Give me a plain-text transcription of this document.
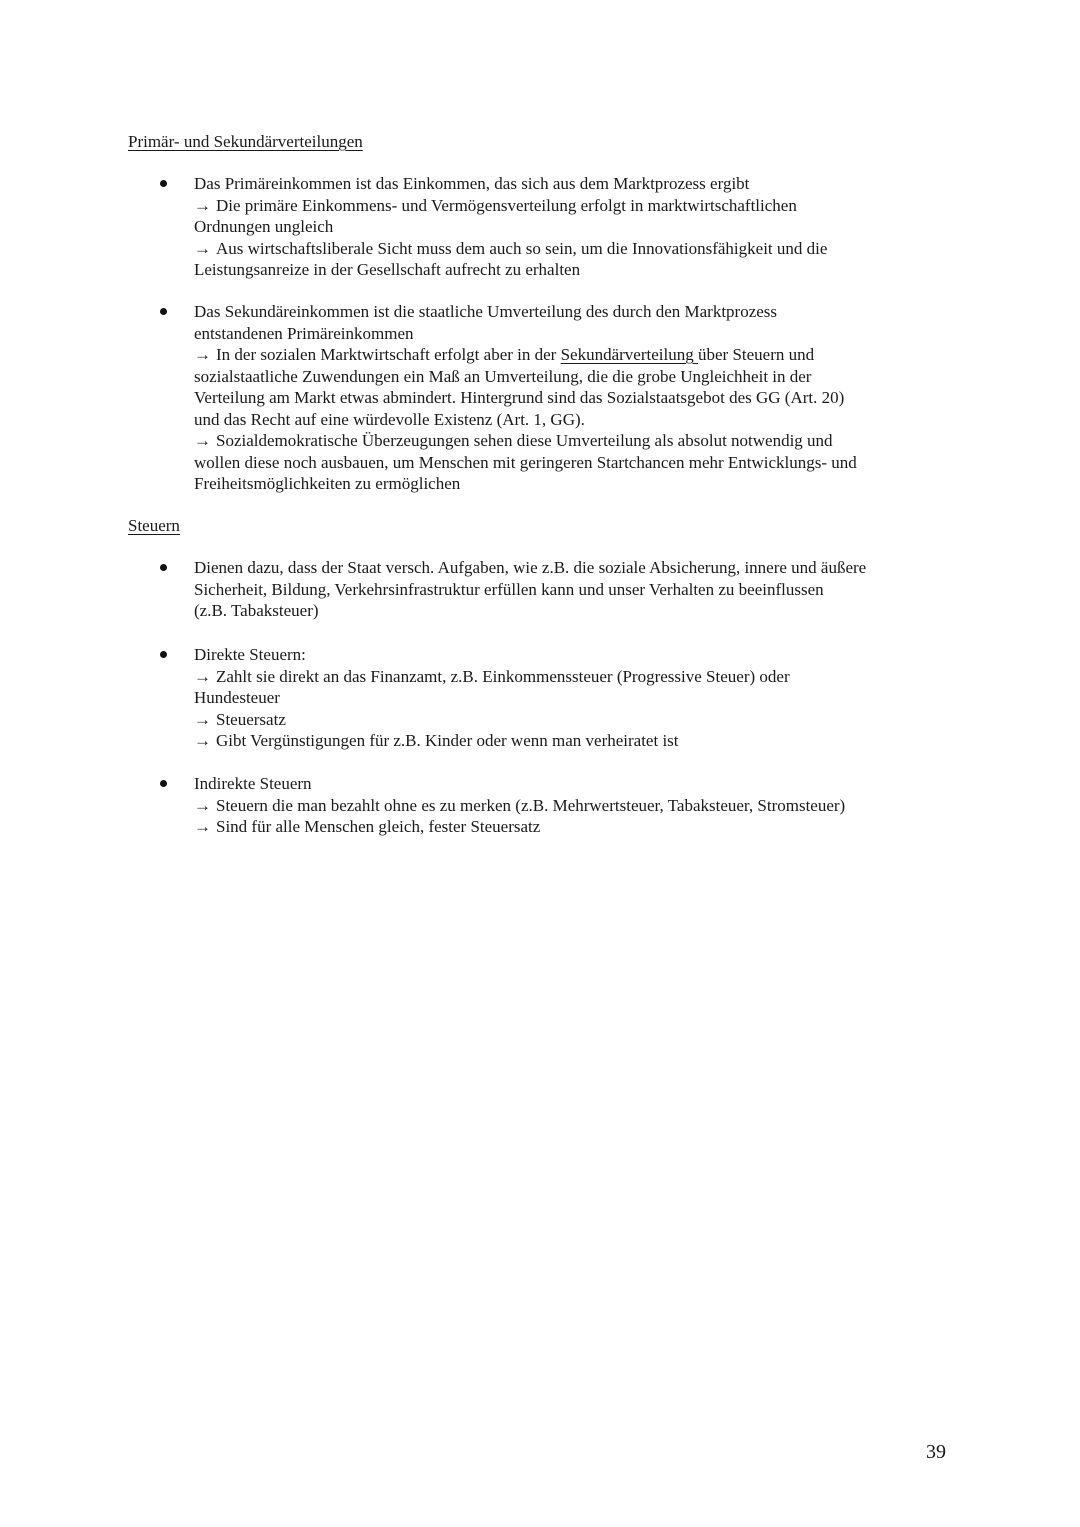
Primär- und Sekundärverteilungen
Das Primäreinkommen ist das Einkommen, das sich aus dem Marktprozess ergibt
→ Die primäre Einkommens- und Vermögensverteilung erfolgt in marktwirtschaftlichen
Ordnungen ungleich
→ Aus wirtschaftsliberale Sicht muss dem auch so sein, um die Innovationsfähigkeit und die
Leistungsanreize in der Gesellschaft aufrecht zu erhalten
Das Sekundäreinkommen ist die staatliche Umverteilung des durch den Marktprozess
entstandenen Primäreinkommen
→ In der sozialen Marktwirtschaft erfolgt aber in der Sekundärverteilung über Steuern und
sozialstaatliche Zuwendungen ein Maß an Umverteilung, die die grobe Ungleichheit in der
Verteilung am Markt etwas abmindert. Hintergrund sind das Sozialstaatsgebot des GG (Art. 20)
und das Recht auf eine würdevolle Existenz (Art. 1, GG).
→ Sozialdemokratische Überzeugungen sehen diese Umverteilung als absolut notwendig und
wollen diese noch ausbauen, um Menschen mit geringeren Startchancen mehr Entwicklungs- und
Freiheitsmöglichkeiten zu ermöglichen
Steuern
Dienen dazu, dass der Staat versch. Aufgaben, wie z.B. die soziale Absicherung, innere und äußere
Sicherheit, Bildung, Verkehrsinfrastruktur erfüllen kann und unser Verhalten zu beeinflussen
(z.B. Tabaksteuer)
Direkte Steuern:
→ Zahlt sie direkt an das Finanzamt, z.B. Einkommenssteuer (Progressive Steuer) oder
Hundesteuer
→ Steuersatz
→ Gibt Vergünstigungen für z.B. Kinder oder wenn man verheiratet ist
Indirekte Steuern
→ Steuern die man bezahlt ohne es zu merken (z.B. Mehrwertsteuer, Tabaksteuer, Stromsteuer)
→ Sind für alle Menschen gleich, fester Steuersatz
39
